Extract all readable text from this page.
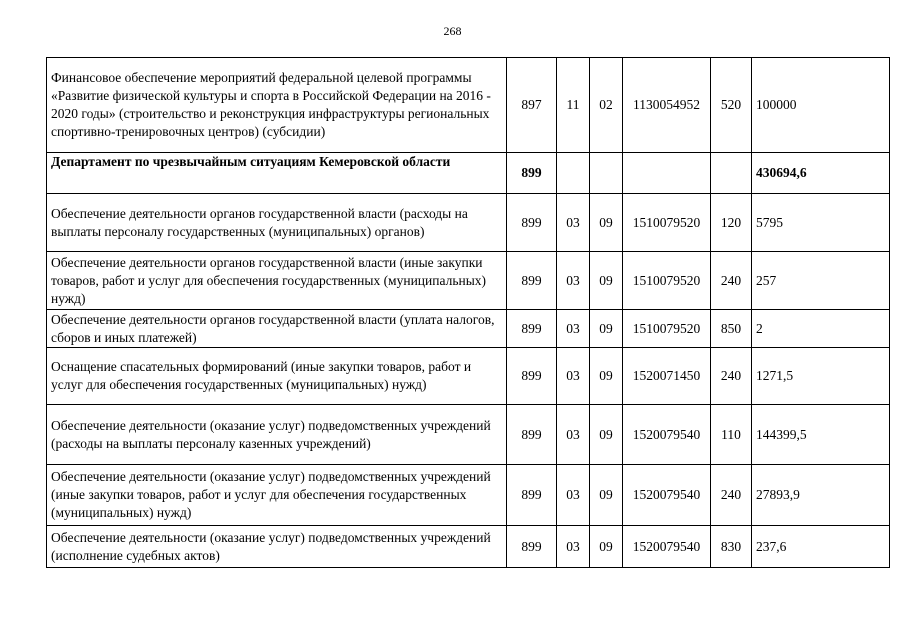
268
Финансовое обеспечение мероприятий федеральной целевой программы «Развитие физической культуры и спорта в Российской Федерации на 2016 - 2020 годы» (строительство и реконструкция инфраструктуры региональных спортивно-тренировочных центров) (субсидии)	897	11	02	1130054952	520	100000
Департамент по чрезвычайным ситуациям Кемеровской области	899					430694,6
Обеспечение деятельности органов государственной власти (расходы на выплаты персоналу государственных (муниципальных) органов)	899	03	09	1510079520	120	5795
Обеспечение деятельности органов государственной власти (иные закупки товаров, работ и услуг для обеспечения государственных (муниципальных) нужд)	899	03	09	1510079520	240	257
Обеспечение деятельности органов государственной власти (уплата налогов, сборов и иных платежей)	899	03	09	1510079520	850	2
Оснащение спасательных формирований (иные закупки товаров, работ и услуг для обеспечения государственных (муниципальных) нужд)	899	03	09	1520071450	240	1271,5
Обеспечение деятельности (оказание услуг) подведомственных учреждений (расходы на выплаты персоналу казенных учреждений)	899	03	09	1520079540	110	144399,5
Обеспечение деятельности (оказание услуг) подведомственных учреждений (иные закупки товаров, работ и услуг для обеспечения государственных (муниципальных) нужд)	899	03	09	1520079540	240	27893,9
Обеспечение деятельности (оказание услуг) подведомственных учреждений (исполнение судебных актов)	899	03	09	1520079540	830	237,6
